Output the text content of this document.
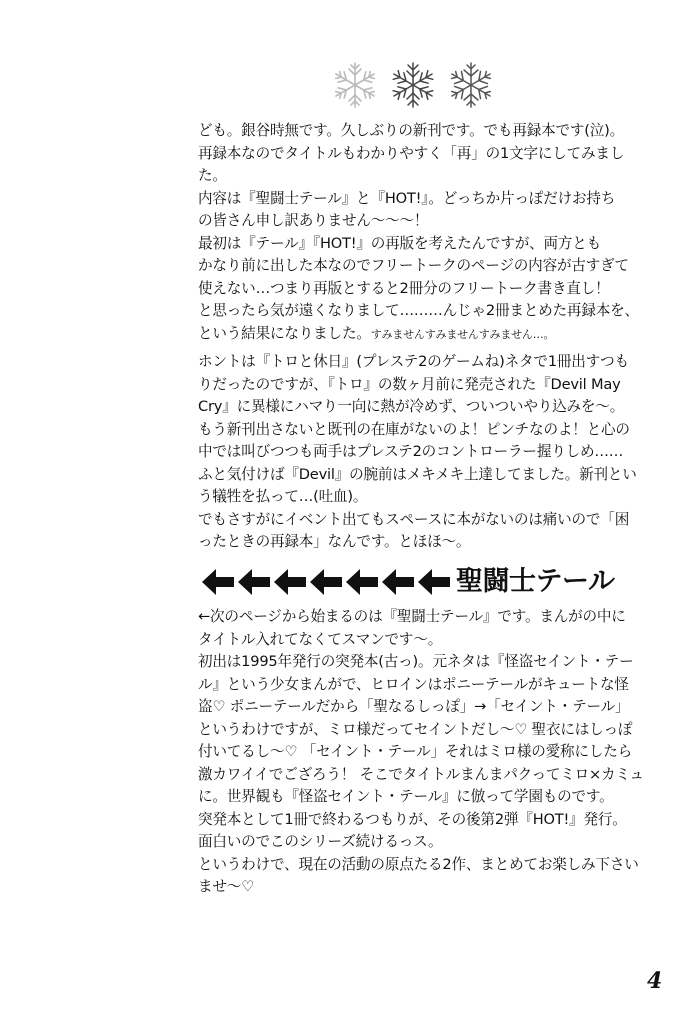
ども。銀谷時無です。久しぶりの新刊です。でも再録本です(泣)。
再録本なのでタイトルもわかりやすく「再」の1文字にしてみまし
た。
内容は『聖闘士テール』と『HOT!』。どっちか片っぽだけお持ち
の皆さん申し訳ありません〜〜〜！
最初は『テール』『HOT!』の再版を考えたんですが、両方とも
かなり前に出した本なのでフリートークのページの内容が古すぎて
使えない…つまり再版とすると2冊分のフリートーク書き直し！
と思ったら気が遠くなりまして………んじゃ2冊まとめた再録本を、
という結果になりました。すみませんすみませんすみません…。
ホントは『トロと休日』(プレステ2のゲームね)ネタで1冊出すつも
りだったのですが、『トロ』の数ヶ月前に発売された『Devil May
Cry』に異様にハマり一向に熱が冷めず、ついついやり込みを〜。
もう新刊出さないと既刊の在庫がないのよ！ピンチなのよ！と心の
中では叫びつつも両手はプレステ2のコントローラー握りしめ……
ふと気付けば『Devil』の腕前はメキメキ上達してました。新刊とい
う犠牲を払って…(吐血)。
でもさすがにイベント出てもスペースに本がないのは痛いので「困
ったときの再録本」なんです。とほほ〜。
聖闘士テール
←次のページから始まるのは『聖闘士テール』です。まんがの中に
タイトル入れてなくてスマンです〜。
初出は1995年発行の突発本(古っ)。元ネタは『怪盗セイント・テー
ル』という少女まんがで、ヒロインはポニーテールがキュートな怪
盗♡ ポニーテールだから「聖なるしっぽ」→「セイント・テール」
というわけですが、ミロ様だってセイントだし〜♡ 聖衣にはしっぽ
付いてるし〜♡ 「セイント・テール」それはミロ様の愛称にしたら
激カワイイでござろう！ そこでタイトルまんまパクってミロ×カミュ
に。世界観も『怪盗セイント・テール』に倣って学園ものです。
突発本として1冊で終わるつもりが、その後第2弾『HOT!』発行。
面白いのでこのシリーズ続けるっス。
というわけで、現在の活動の原点たる2作、まとめてお楽しみ下さい
ませ〜♡
4
